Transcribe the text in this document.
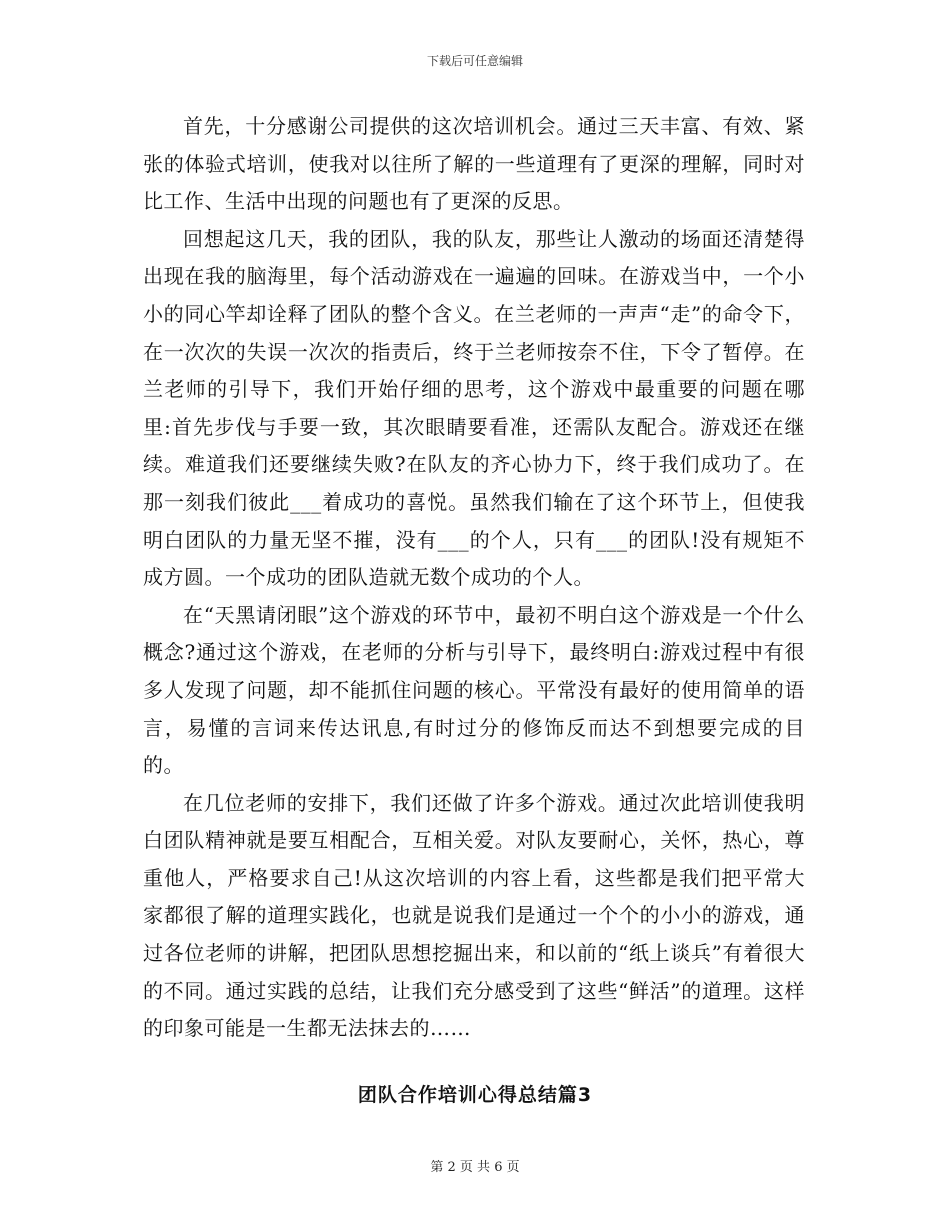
下载后可任意编辑

首先，十分感谢公司提供的这次培训机会。通过三天丰富、有效、紧张的体验式培训，使我对以往所了解的一些道理有了更深的理解，同时对比工作、生活中出现的问题也有了更深的反思。

回想起这几天，我的团队，我的队友，那些让人激动的场面还清楚得出现在我的脑海里，每个活动游戏在一遍遍的回味。在游戏当中，一个小小的同心竿却诠释了团队的整个含义。在兰老师的一声声“走”的命令下，在一次次的失误一次次的指责后，终于兰老师按奈不住，下令了暂停。在兰老师的引导下，我们开始仔细的思考，这个游戏中最重要的问题在哪里:首先步伐与手要一致，其次眼睛要看准，还需队友配合。游戏还在继续。难道我们还要继续失败?在队友的齐心协力下，终于我们成功了。在那一刻我们彼此___着成功的喜悦。虽然我们输在了这个环节上，但使我明白团队的力量无坚不摧，没有___的个人，只有___的团队!没有规矩不成方圆。一个成功的团队造就无数个成功的个人。

在“天黑请闭眼”这个游戏的环节中，最初不明白这个游戏是一个什么概念?通过这个游戏，在老师的分析与引导下，最终明白:游戏过程中有很多人发现了问题，却不能抓住问题的核心。平常没有最好的使用简单的语言，易懂的言词来传达讯息,有时过分的修饰反而达不到想要完成的目的。

在几位老师的安排下，我们还做了许多个游戏。通过次此培训使我明白团队精神就是要互相配合，互相关爱。对队友要耐心，关怀，热心，尊重他人，严格要求自己!从这次培训的内容上看，这些都是我们把平常大家都很了解的道理实践化，也就是说我们是通过一个个的小小的游戏，通过各位老师的讲解，把团队思想挖掘出来，和以前的“纸上谈兵”有着很大的不同。通过实践的总结，让我们充分感受到了这些“鲜活”的道理。这样的印象可能是一生都无法抹去的……

团队合作培训心得总结篇3
第 2 页 共 6 页
